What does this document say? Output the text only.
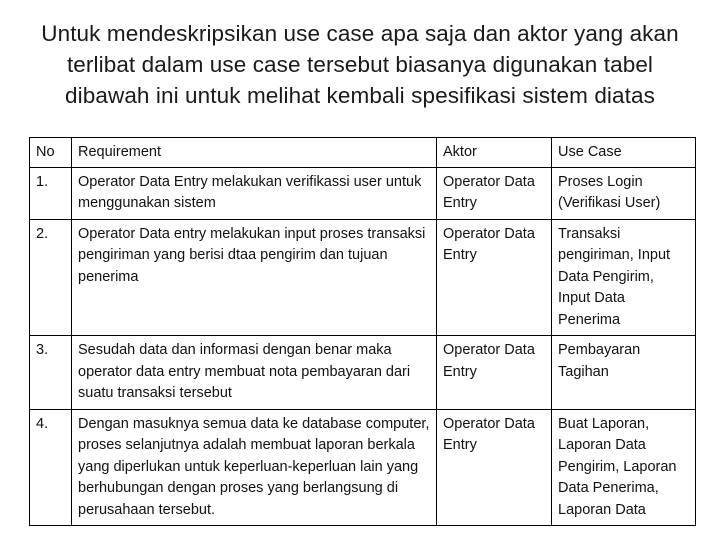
Untuk mendeskripsikan use case apa saja dan aktor yang akan
terlibat dalam use case tersebut biasanya digunakan tabel
dibawah ini untuk melihat kembali spesifikasi sistem diatas
No	Requirement	Aktor	Use Case
1.	Operator Data Entry melakukan verifikassi user untuk menggunakan sistem	Operator Data Entry	Proses Login (Verifikasi User)
2.	Operator Data entry melakukan input proses transaksi pengiriman yang berisi dtaa pengirim dan tujuan penerima	Operator Data Entry	Transaksi pengiriman, Input Data Pengirim, Input Data Penerima
3.	Sesudah data dan informasi dengan benar maka operator data entry membuat nota pembayaran dari suatu transaksi tersebut	Operator Data Entry	Pembayaran Tagihan
4.	Dengan masuknya semua data ke database computer, proses selanjutnya adalah membuat laporan berkala yang diperlukan untuk keperluan-keperluan lain yang berhubungan dengan proses yang berlangsung di perusahaan tersebut.	Operator Data Entry	Buat Laporan, Laporan Data Pengirim, Laporan Data Penerima, Laporan Data
